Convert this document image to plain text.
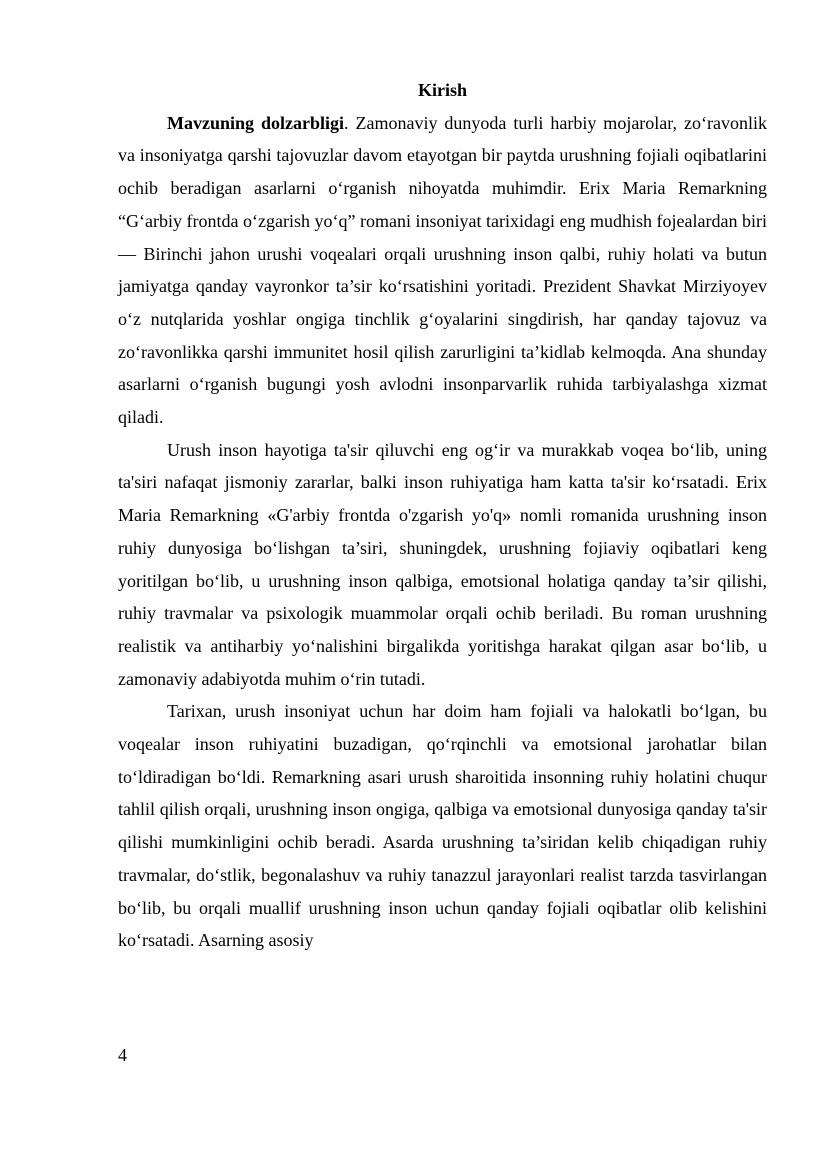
Kirish

Mavzuning dolzarbligi. Zamonaviy dunyoda turli harbiy mojarolar, zo‘ravonlik va insoniyatga qarshi tajovuzlar davom etayotgan bir paytda urushning fojiali oqibatlarini ochib beradigan asarlarni o‘rganish nihoyatda muhimdir. Erix Maria Remarkning “G‘arbiy frontda o‘zgarish yo‘q” romani insoniyat tarixidagi eng mudhish fojealardan biri — Birinchi jahon urushi voqealari orqali urushning inson qalbi, ruhiy holati va butun jamiyatga qanday vayronkor ta’sir ko‘rsatishini yoritadi. Prezident Shavkat Mirziyoyev o‘z nutqlarida yoshlar ongiga tinchlik g‘oyalarini singdirish, har qanday tajovuz va zo‘ravonlikka qarshi immunitet hosil qilish zarurligini ta’kidlab kelmoqda. Ana shunday asarlarni o‘rganish bugungi yosh avlodni insonparvarlik ruhida tarbiyalashga xizmat qiladi.

Urush inson hayotiga ta'sir qiluvchi eng og‘ir va murakkab voqea bo‘lib, uning ta'siri nafaqat jismoniy zararlar, balki inson ruhiyatiga ham katta ta'sir ko‘rsatadi. Erix Maria Remarkning «G'arbiy frontda o'zgarish yo'q» nomli romanida urushning inson ruhiy dunyosiga bo‘lishgan ta’siri, shuningdek, urushning fojiaviy oqibatlari keng yoritilgan bo‘lib, u urushning inson qalbiga, emotsional holatiga qanday ta’sir qilishi, ruhiy travmalar va psixologik muammolar orqali ochib beriladi. Bu roman urushning realistik va antiharbiy yo‘nalishini birgalikda yoritishga harakat qilgan asar bo‘lib, u zamonaviy adabiyotda muhim o‘rin tutadi.

Tarixan, urush insoniyat uchun har doim ham fojiali va halokatli bo‘lgan, bu voqealar inson ruhiyatini buzadigan, qo‘rqinchli va emotsional jarohatlar bilan to‘ldiradigan bo‘ldi. Remarkning asari urush sharoitida insonning ruhiy holatini chuqur tahlil qilish orqali, urushning inson ongiga, qalbiga va emotsional dunyosiga qanday ta'sir qilishi mumkinligini ochib beradi. Asarda urushning ta’siridan kelib chiqadigan ruhiy travmalar, do‘stlik, begonalashuv va ruhiy tanazzul jarayonlari realist tarzda tasvirlangan bo‘lib, bu orqali muallif urushning inson uchun qanday fojiali oqibatlar olib kelishini ko‘rsatadi. Asarning asosiy

4
